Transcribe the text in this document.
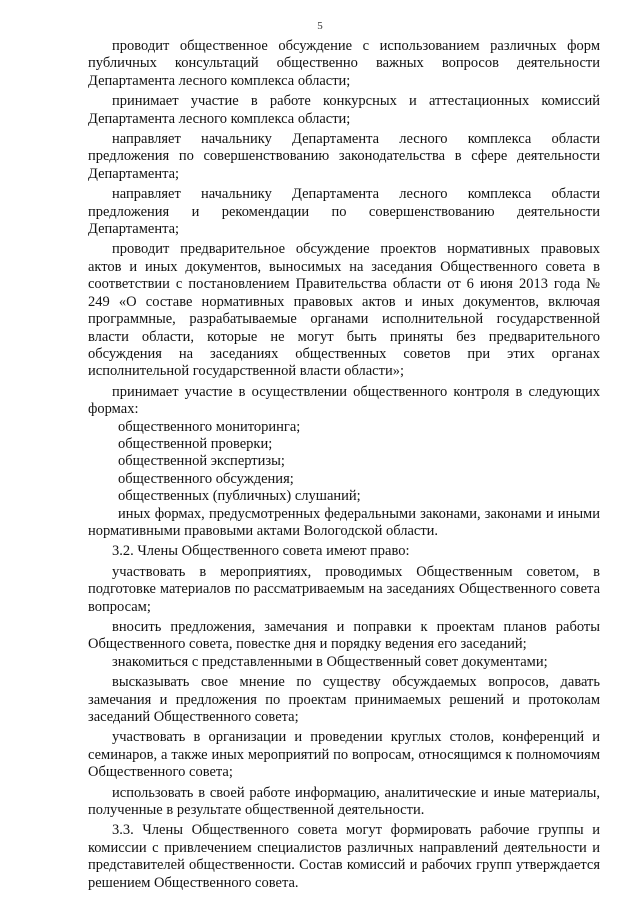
5

проводит общественное обсуждение с использованием различных форм публичных консультаций общественно важных вопросов деятельности Департамента лесного комплекса области;

принимает участие в работе конкурсных и аттестационных комиссий Департамента лесного комплекса области;

направляет начальнику Департамента лесного комплекса области предложения по совершенствованию законодательства в сфере деятельности Департамента;

направляет начальнику Департамента лесного комплекса области предложения и рекомендации по совершенствованию деятельности Департамента;

проводит предварительное обсуждение проектов нормативных правовых актов и иных документов, выносимых на заседания Общественного совета в соответствии с постановлением Правительства области от 6 июня 2013 года № 249 «О составе нормативных правовых актов и иных документов, включая программные, разрабатываемые органами исполнительной государственной власти области, которые не могут быть приняты без предварительного обсуждения на заседаниях общественных советов при этих органах исполнительной государственной власти области»;

принимает участие в осуществлении общественного контроля в следующих формах:

общественного мониторинга;

общественной проверки;

общественной экспертизы;

общественного обсуждения;

общественных (публичных) слушаний;

иных формах, предусмотренных федеральными законами, законами и иными нормативными правовыми актами Вологодской области.

3.2. Члены Общественного совета имеют право:

участвовать в мероприятиях, проводимых Общественным советом, в подготовке материалов по рассматриваемым на заседаниях Общественного совета вопросам;

вносить предложения, замечания и поправки к проектам планов работы Общественного совета, повестке дня и порядку ведения его заседаний;

знакомиться с представленными в Общественный совет документами;

высказывать свое мнение по существу обсуждаемых вопросов, давать замечания и предложения по проектам принимаемых решений и протоколам заседаний Общественного совета;

участвовать в организации и проведении круглых столов, конференций и семинаров, а также иных мероприятий по вопросам, относящимся к полномочиям Общественного совета;

использовать в своей работе информацию, аналитические и иные материалы, полученные в результате общественной деятельности.

3.3. Члены Общественного совета могут формировать рабочие группы и комиссии с привлечением специалистов различных направлений деятельности и представителей общественности. Состав комиссий и рабочих групп утверждается решением Общественного совета.
